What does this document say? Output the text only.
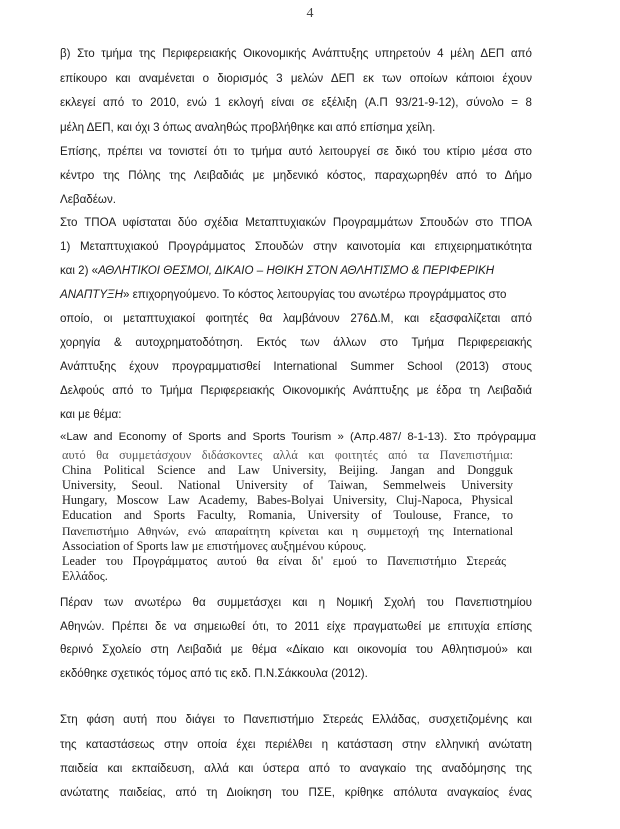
4
β) Στο τμήμα της Περιφερειακής Οικονομικής Ανάπτυξης υπηρετούν 4 μέλη ΔΕΠ από
επίκουρο και αναμένεται ο διορισμός 3 μελών ΔΕΠ εκ των οποίων κάποιοι έχουν
εκλεγεί από το 2010, ενώ 1 εκλογή είναι σε εξέλιξη (Α.Π 93/21-9-12), σύνολο = 8
μέλη ΔΕΠ, και όχι 3 όπως αναληθώς προβλήθηκε και από επίσημα χείλη.
Επίσης, πρέπει να τονιστεί ότι το τμήμα αυτό λειτουργεί σε δικό του κτίριο μέσα στο
κέντρο της Πόλης της Λειβαδιάς με μηδενικό κόστος, παραχωρηθέν από το Δήμο
Λεβαδέων.
Στο ΤΠΟΑ υφίσταται δύο σχέδια Μεταπτυχιακών Προγραμμάτων Σπουδών στο ΤΠΟΑ
1) Μεταπτυχιακού Προγράμματος Σπουδών στην καινοτομία και επιχειρηματικότητα
και 2) «ΑΘΛΗΤΙΚΟΙ ΘΕΣΜΟΙ, ΔΙΚΑΙΟ – ΗΘΙΚΗ ΣΤΟΝ ΑΘΛΗΤΙΣΜΟ & ΠΕΡΙΦΕΡΙΚΗ
ΑΝΑΠΤΥΞΗ» επιχορηγούμενο. Το κόστος λειτουργίας του ανωτέρω προγράμματος στο
οποίο, οι μεταπτυχιακοί φοιτητές θα λαμβάνουν 276Δ.Μ, και εξασφαλίζεται από
χορηγία & αυτοχρηματοδότηση. Εκτός των άλλων στο Τμήμα Περιφερειακής
Ανάπτυξης έχουν προγραμματισθεί International Summer School (2013) στους
Δελφούς από το Τμήμα Περιφερειακής Οικονομικής Ανάπτυξης με έδρα τη Λειβαδιά
και με θέμα:
«Law and Economy of Sports and Sports Tourism » (Απρ.487/ 8-1-13). Στο πρόγραμμα
αυτό θα συμμετάσχουν διδάσκοντες αλλά και φοιτητές από τα Πανεπιστήμια:
China Political Science and Law University, Beijing. Jangan and Dongguk
University, Seoul. National University of Taiwan, Semmelweis University
Hungary, Moscow Law Academy, Babes-Bolyai University, Cluj-Napoca, Physical
Education and Sports Faculty, Romania, University of Toulouse, France, το
Πανεπιστήμιο Αθηνών, ενώ απαραίτητη κρίνεται και η συμμετοχή της International
Association of Sports law με επιστήμονες αυξημένου κύρους.
Leader του Προγράμματος αυτού θα είναι δι' εμού το Πανεπιστήμιο Στερεάς
Ελλάδος.
Πέραν των ανωτέρω θα συμμετάσχει και η Νομική Σχολή του Πανεπιστημίου
Αθηνών. Πρέπει δε να σημειωθεί ότι, το 2011 είχε πραγματωθεί με επιτυχία επίσης
θερινό Σχολείο στη Λειβαδιά με θέμα «Δίκαιο και οικονομία του Αθλητισμού» και
εκδόθηκε σχετικός τόμος από τις εκδ. Π.Ν.Σάκκουλα (2012).
Στη φάση αυτή που διάγει το Πανεπιστήμιο Στερεάς Ελλάδας, συσχετιζομένης και
της καταστάσεως στην οποία έχει περιέλθει η κατάσταση στην ελληνική ανώτατη
παιδεία και εκπαίδευση, αλλά και ύστερα από το αναγκαίο της αναδόμησης της
ανώτατης παιδείας, από τη Διοίκηση του ΠΣΕ, κρίθηκε απόλυτα αναγκαίος ένας
